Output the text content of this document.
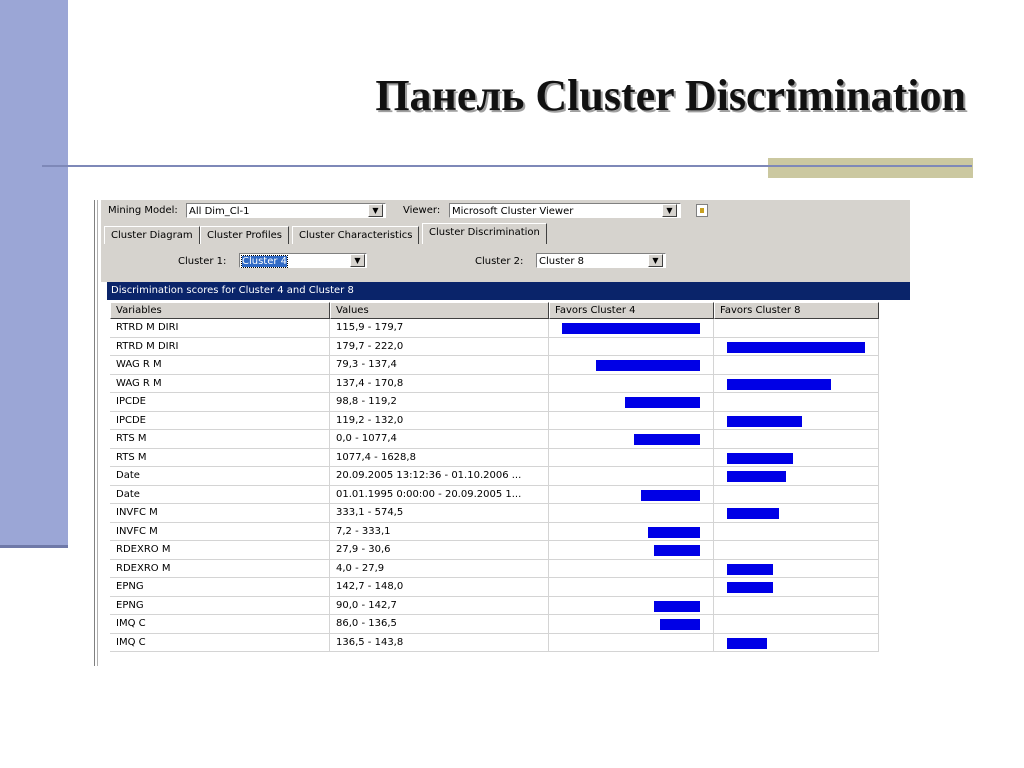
Панель Cluster Discrimination
Mining Model:	All Dim_Cl-1	▼	Viewer:	Microsoft Cluster Viewer	▼
Cluster Diagram	Cluster Profiles	Cluster Characteristics	Cluster Discrimination
Cluster 1:	Cluster 4	▼	Cluster 2:	Cluster 8	▼
Discrimination scores for Cluster 4 and Cluster 8
Variables	Values	Favors Cluster 4	Favors Cluster 8
RTRD M DIRI	115,9 - 179,7
RTRD M DIRI	179,7 - 222,0
WAG R M	79,3 - 137,4
WAG R M	137,4 - 170,8
IPCDE	98,8 - 119,2
IPCDE	119,2 - 132,0
RTS M	0,0 - 1077,4
RTS M	1077,4 - 1628,8
Date	20.09.2005 13:12:36 - 01.10.2006 ...
Date	01.01.1995 0:00:00 - 20.09.2005 1...
INVFC M	333,1 - 574,5
INVFC M	7,2 - 333,1
RDEXRO M	27,9 - 30,6
RDEXRO M	4,0 - 27,9
EPNG	142,7 - 148,0
EPNG	90,0 - 142,7
IMQ C	86,0 - 136,5
IMQ C	136,5 - 143,8
